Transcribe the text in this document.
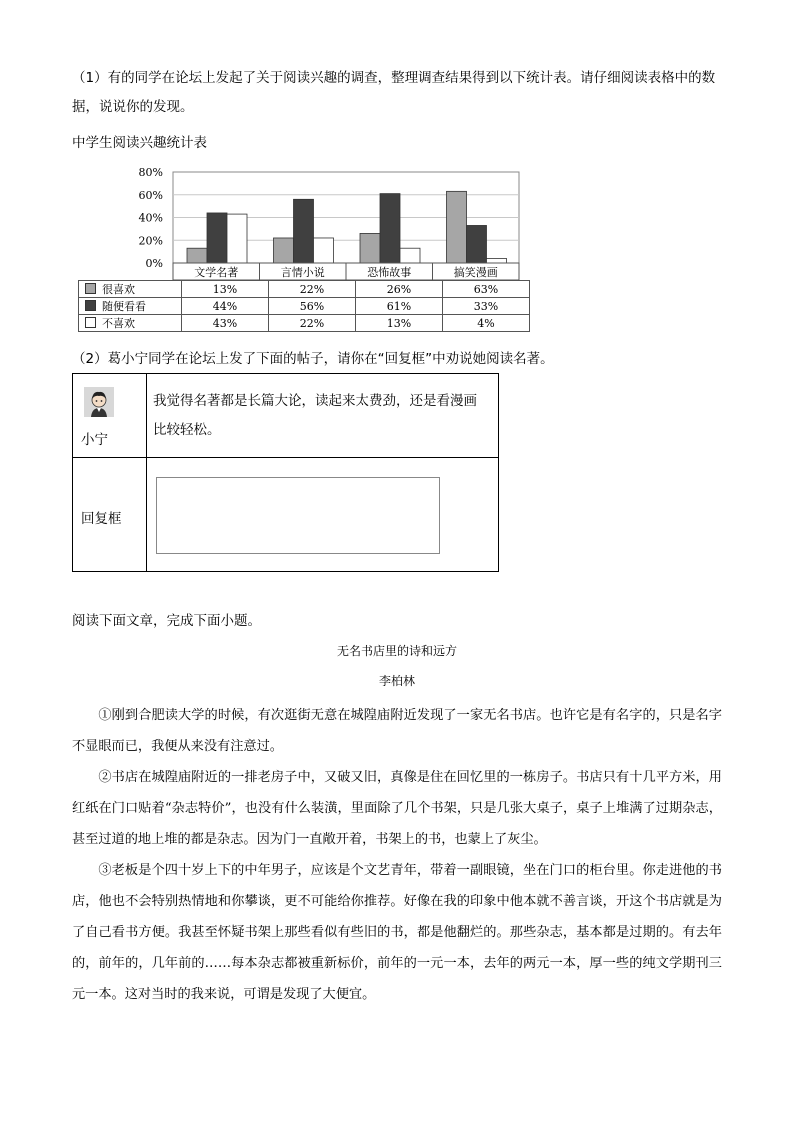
（1）有的同学在论坛上发起了关于阅读兴趣的调查，整理调查结果得到以下统计表。请仔细阅读表格中的数据，说说你的发现。
中学生阅读兴趣统计表
80%
60%
40%
20%
0%
文学名著	言情小说	恐怖故事	搞笑漫画
很喜欢	13%	22%	26%	63%
随便看看	44%	56%	61%	33%
不喜欢	43%	22%	13%	4%
（2）葛小宁同学在论坛上发了下面的帖子，请你在“回复框”中劝说她阅读名著。
小宁
我觉得名著都是长篇大论，读起来太费劲，还是看漫画比较轻松。
回复框
阅读下面文章，完成下面小题。
无名书店里的诗和远方
李柏林

①刚到合肥读大学的时候，有次逛街无意在城隍庙附近发现了一家无名书店。也许它是有名字的，只是名字不显眼而已，我便从来没有注意过。

②书店在城隍庙附近的一排老房子中，又破又旧，真像是住在回忆里的一栋房子。书店只有十几平方米，用红纸在门口贴着“杂志特价”，也没有什么装潢，里面除了几个书架，只是几张大桌子，桌子上堆满了过期杂志，甚至过道的地上堆的都是杂志。因为门一直敞开着，书架上的书，也蒙上了灰尘。

③老板是个四十岁上下的中年男子，应该是个文艺青年，带着一副眼镜，坐在门口的柜台里。你走进他的书店，他也不会特别热情地和你攀谈，更不可能给你推荐。好像在我的印象中他本就不善言谈，开这个书店就是为了自己看书方便。我甚至怀疑书架上那些看似有些旧的书，都是他翻烂的。那些杂志，基本都是过期的。有去年的，前年的，几年前的……每本杂志都被重新标价，前年的一元一本，去年的两元一本，厚一些的纯文学期刊三元一本。这对当时的我来说，可谓是发现了大便宜。
